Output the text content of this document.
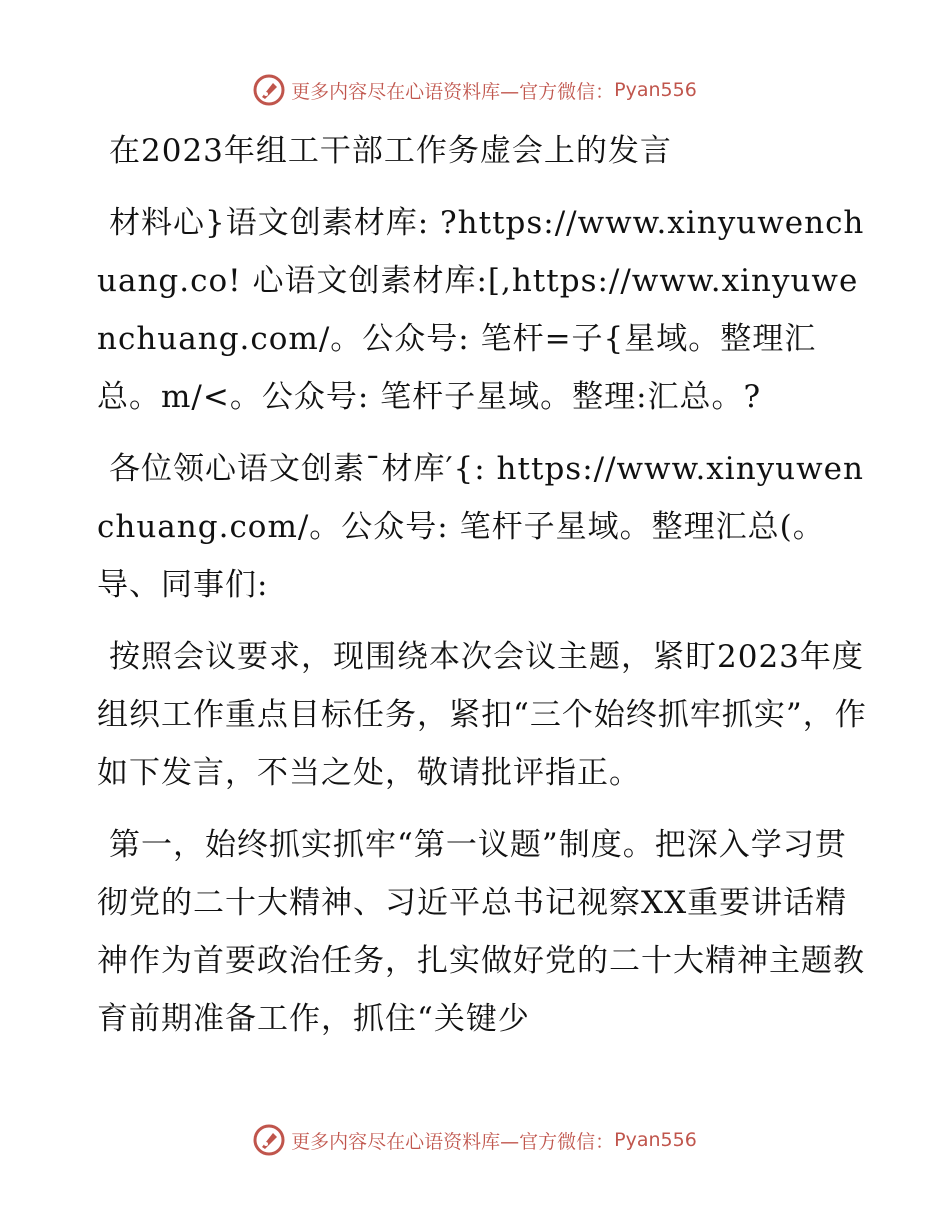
更多内容尽在心语资料库—官方微信： Pyan556

在2023年组工干部工作务虚会上的发言

材料心}语文创素材库: ?https://www.xinyuwenchuang.co! 心语文创素材库:[,https://www.xinyuwenchuang.com/。公众号: 笔杆=子{星域。整理汇总。m/<。公众号: 笔杆子星域。整理:汇总。?

各位领心语文创素¯材库′{: https://www.xinyuwenchuang.com/。公众号: 笔杆子星域。整理汇总(。导、同事们:

按照会议要求，现围绕本次会议主题，紧盯2023年度组织工作重点目标任务，紧扣“三个始终抓牢抓实”，作如下发言，不当之处，敬请批评指正。

第一，始终抓实抓牢“第一议题”制度。把深入学习贯彻党的二十大精神、习近平总书记视察XX重要讲话精神作为首要政治任务，扎实做好党的二十大精神主题教育前期准备工作，抓住“关键少

更多内容尽在心语资料库—官方微信： Pyan556
